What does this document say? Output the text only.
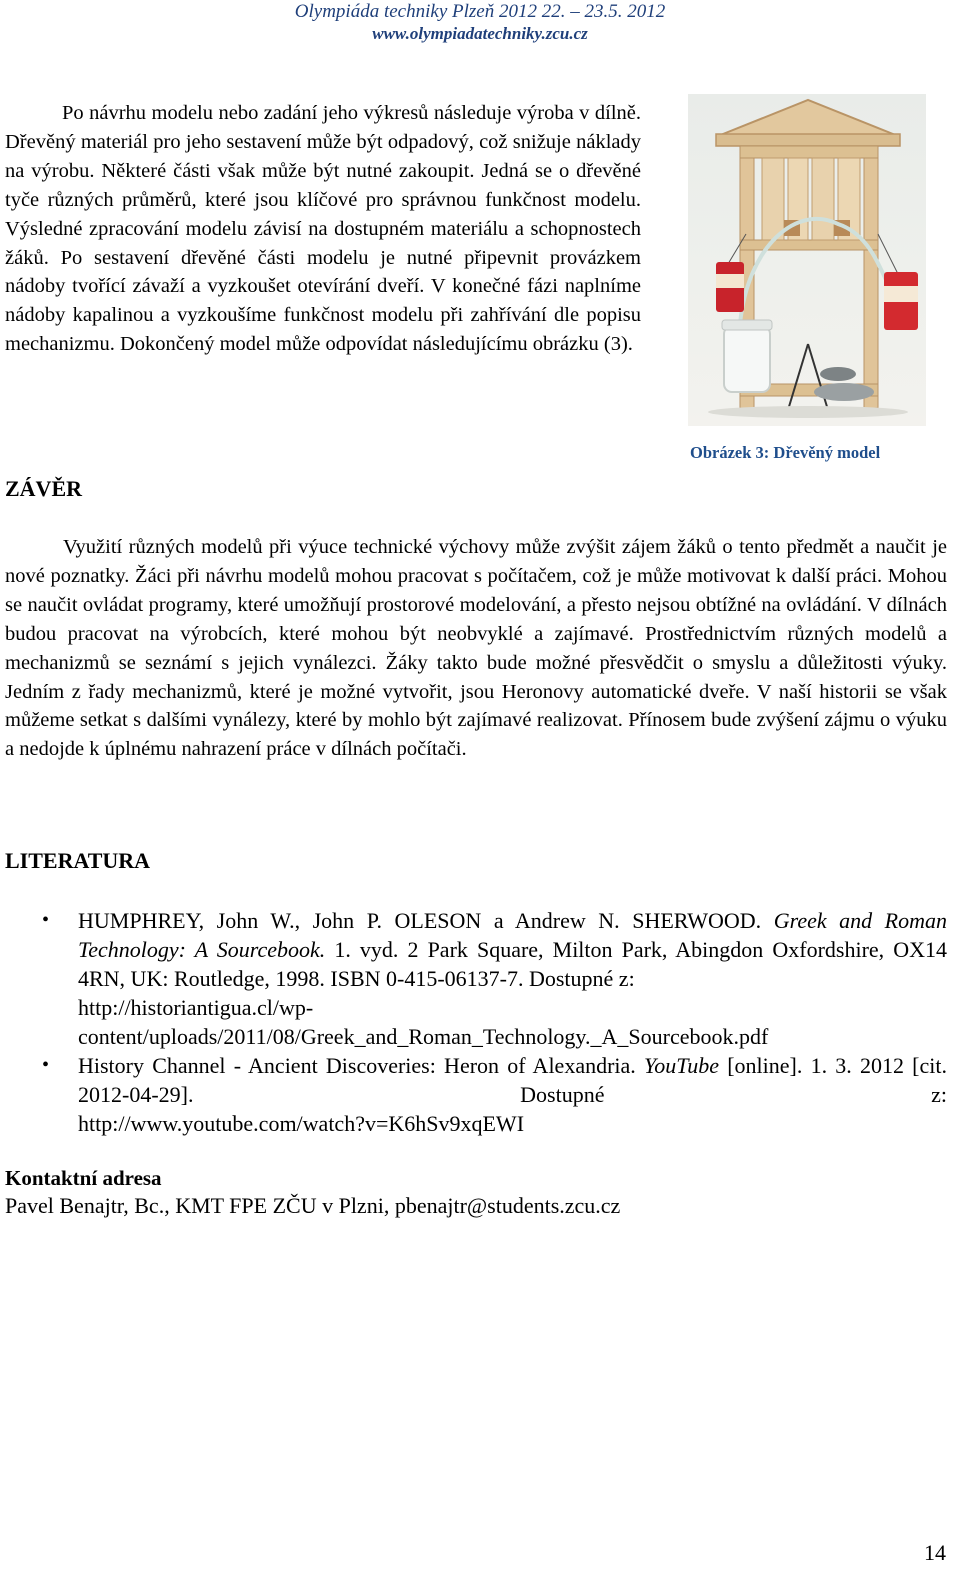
Olympiáda techniky Plzeň 2012 22. – 23.5. 2012
www.olympiadatechniky.zcu.cz

Po návrhu modelu nebo zadání jeho výkresů následuje výroba v dílně. Dřevěný materiál pro jeho sestavení může být odpadový, což snižuje náklady na výrobu. Některé části však může být nutné zakoupit. Jedná se o dřevěné tyče různých průměrů, které jsou klíčové pro správnou funkčnost modelu. Výsledné zpracování modelu závisí na dostupném materiálu a schopnostech žáků. Po sestavení dřevěné části modelu je nutné připevnit provázkem nádoby tvořící závaží a vyzkoušet otevírání dveří. V konečné fázi naplníme nádoby kapalinou a vyzkoušíme funkčnost modelu při zahřívání dle popisu mechanizmu. Dokončený model může odpovídat následujícímu obrázku (3).

Obrázek 3: Dřevěný model
ZÁVĚR

Využití různých modelů při výuce technické výchovy může zvýšit zájem žáků o tento předmět a naučit je nové poznatky. Žáci při návrhu modelů mohou pracovat s počítačem, což je může motivovat k další práci. Mohou se naučit ovládat programy, které umožňují prostorové modelování, a přesto nejsou obtížné na ovládání. V dílnách budou pracovat na výrobcích, které mohou být neobvyklé a zajímavé. Prostřednictvím různých modelů a mechanizmů se seznámí s jejich vynálezci. Žáky takto bude možné přesvědčit o smyslu a důležitosti výuky. Jedním z řady mechanizmů, které je možné vytvořit, jsou Heronovy automatické dveře. V naší historii se však můžeme setkat s dalšími vynálezy, které by mohlo být zajímavé realizovat. Přínosem bude zvýšení zájmu o výuku a nedojde k úplnému nahrazení práce v dílnách počítači.

LITERATURA
• HUMPHREY, John W., John P. OLESON a Andrew N. SHERWOOD. Greek and Roman Technology: A Sourcebook. 1. vyd. 2 Park Square, Milton Park, Abingdon Oxfordshire, OX14 4RN, UK: Routledge, 1998. ISBN 0-415-06137-7. Dostupné z:
http://historiantigua.cl/wp-
content/uploads/2011/08/Greek_and_Roman_Technology._A_Sourcebook.pdf
• History Channel - Ancient Discoveries: Heron of Alexandria. YouTube [online]. 1. 3. 2012 [cit. 2012-04-29]. Dostupné z:
http://www.youtube.com/watch?v=K6hSv9xqEWI
Kontaktní adresa

Pavel Benajtr, Bc., KMT FPE ZČU v Plzni, pbenajtr@students.zcu.cz

14
